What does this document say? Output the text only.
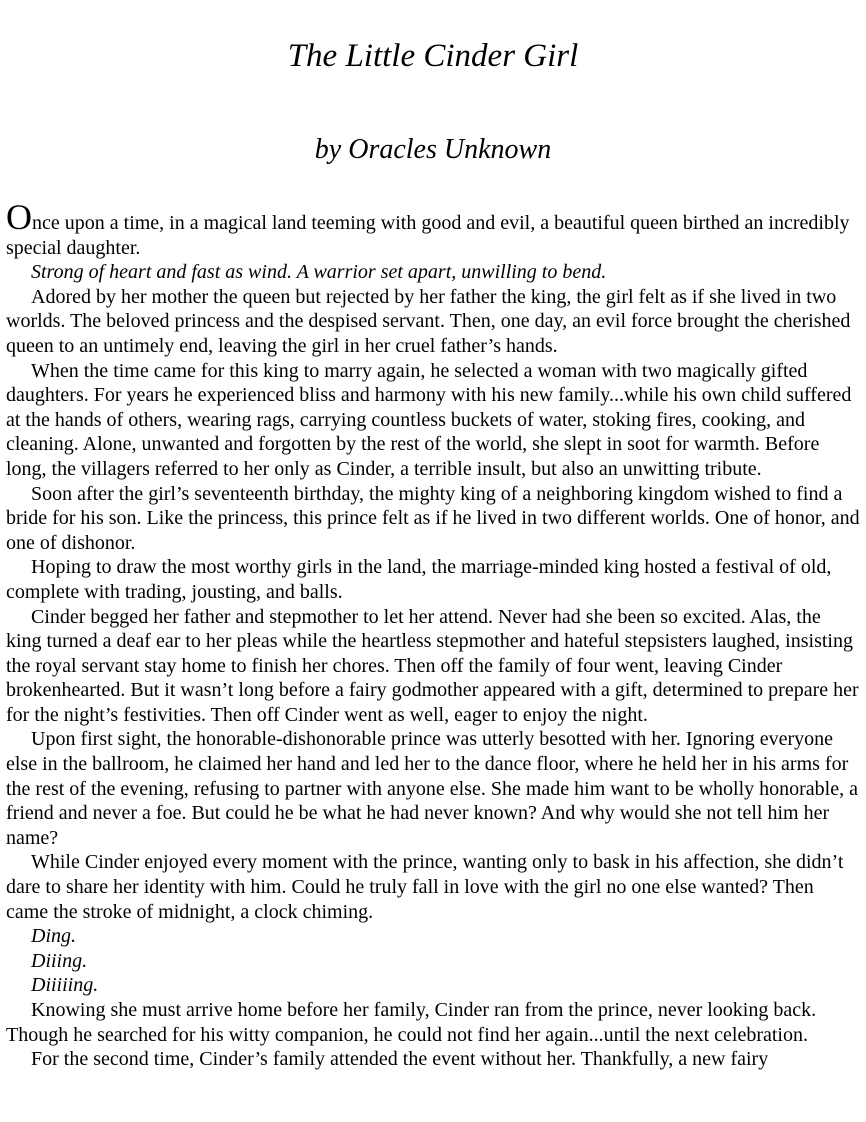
The Little Cinder Girl
by Oracles Unknown

Once upon a time, in a magical land teeming with good and evil, a beautiful queen birthed an incredibly special daughter.

Strong of heart and fast as wind. A warrior set apart, unwilling to bend.

Adored by her mother the queen but rejected by her father the king, the girl felt as if she lived in two worlds. The beloved princess and the despised servant. Then, one day, an evil force brought the cherished queen to an untimely end, leaving the girl in her cruel father’s hands.

When the time came for this king to marry again, he selected a woman with two magically gifted daughters. For years he experienced bliss and harmony with his new family...while his own child suffered at the hands of others, wearing rags, carrying countless buckets of water, stoking fires, cooking, and cleaning. Alone, unwanted and forgotten by the rest of the world, she slept in soot for warmth. Before long, the villagers referred to her only as Cinder, a terrible insult, but also an unwitting tribute.

Soon after the girl’s seventeenth birthday, the mighty king of a neighboring kingdom wished to find a bride for his son. Like the princess, this prince felt as if he lived in two different worlds. One of honor, and one of dishonor.

Hoping to draw the most worthy girls in the land, the marriage-minded king hosted a festival of old, complete with trading, jousting, and balls.

Cinder begged her father and stepmother to let her attend. Never had she been so excited. Alas, the king turned a deaf ear to her pleas while the heartless stepmother and hateful stepsisters laughed, insisting the royal servant stay home to finish her chores. Then off the family of four went, leaving Cinder brokenhearted. But it wasn’t long before a fairy godmother appeared with a gift, determined to prepare her for the night’s festivities. Then off Cinder went as well, eager to enjoy the night.

Upon first sight, the honorable-dishonorable prince was utterly besotted with her. Ignoring everyone else in the ballroom, he claimed her hand and led her to the dance floor, where he held her in his arms for the rest of the evening, refusing to partner with anyone else. She made him want to be wholly honorable, a friend and never a foe. But could he be what he had never known? And why would she not tell him her name?

While Cinder enjoyed every moment with the prince, wanting only to bask in his affection, she didn’t dare to share her identity with him. Could he truly fall in love with the girl no one else wanted? Then came the stroke of midnight, a clock chiming.

Ding.

Diiing.

Diiiiing.

Knowing she must arrive home before her family, Cinder ran from the prince, never looking back. Though he searched for his witty companion, he could not find her again...until the next celebration.

For the second time, Cinder’s family attended the event without her. Thankfully, a new fairy
